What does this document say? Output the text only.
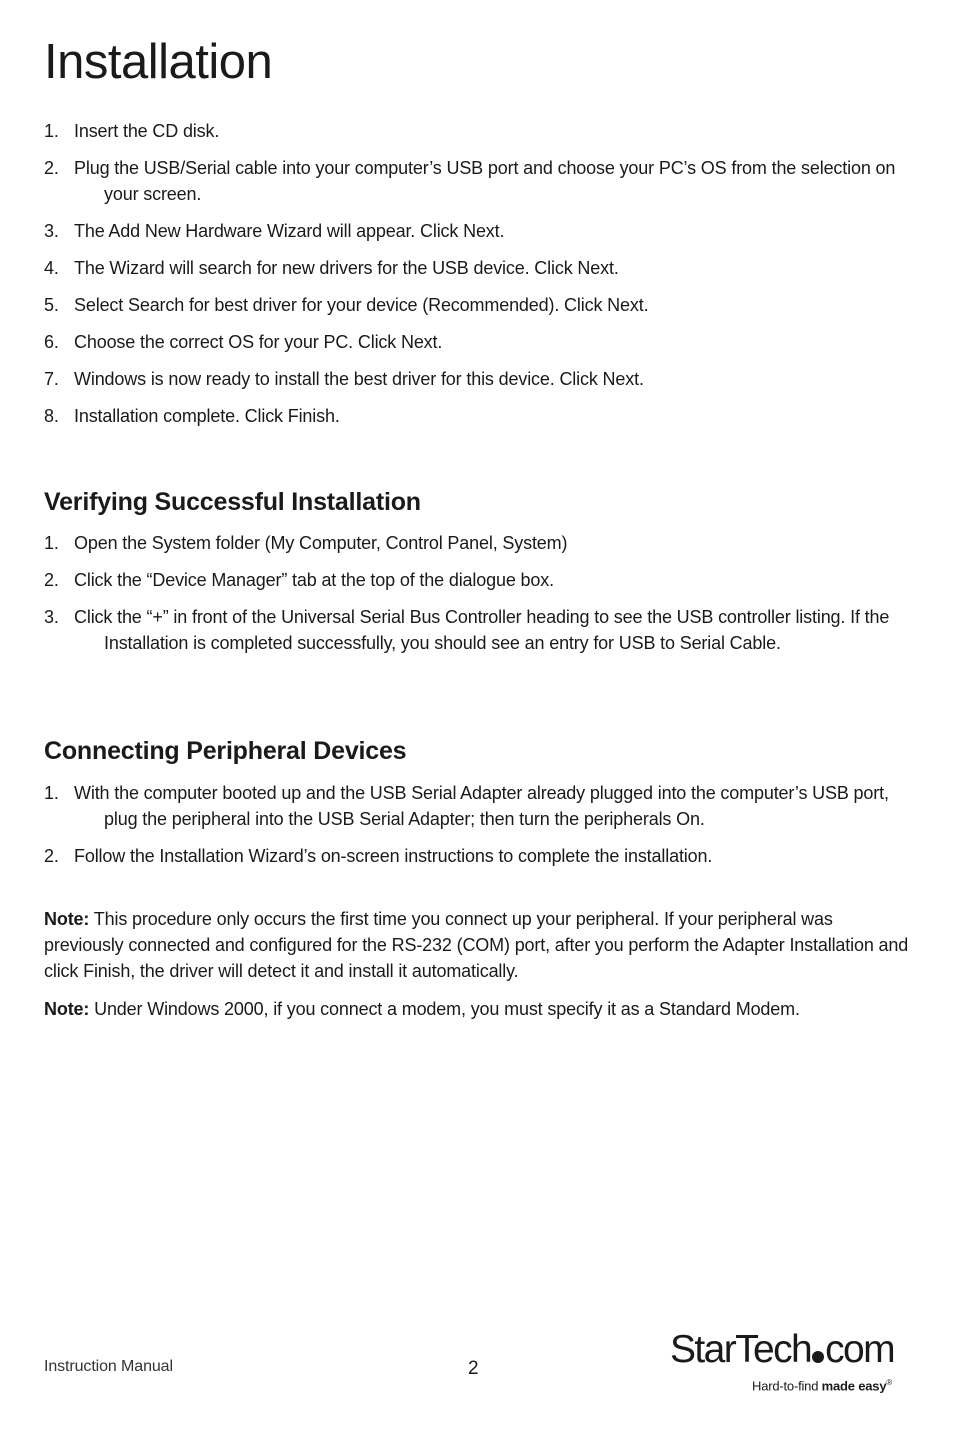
Installation
1. Insert the CD disk.
2. Plug the USB/Serial cable into your computer’s USB port and choose your PC’s OS from the selection on your screen.
3. The Add New Hardware Wizard will appear. Click Next.
4. The Wizard will search for new drivers for the USB device. Click Next.
5. Select Search for best driver for your device (Recommended). Click Next.
6. Choose the correct OS for your PC. Click Next.
7. Windows is now ready to install the best driver for this device. Click Next.
8. Installation complete. Click Finish.
Verifying Successful Installation
1. Open the System folder (My Computer, Control Panel, System)
2. Click the “Device Manager” tab at the top of the dialogue box.
3. Click the “+” in front of the Universal Serial Bus Controller heading to see the USB controller listing. If the Installation is completed successfully, you should see an entry for USB to Serial Cable.
Connecting Peripheral Devices
1. With the computer booted up and the USB Serial Adapter already plugged into the computer’s USB port, plug the peripheral into the USB Serial Adapter; then turn the peripherals On.
2. Follow the Installation Wizard’s on-screen instructions to complete the installation.

Note: This procedure only occurs the first time you connect up your peripheral. If your peripheral was previously connected and configured for the RS-232 (COM) port, after you perform the Adapter Installation and click Finish, the driver will detect it and install it automatically.

Note: Under Windows 2000, if you connect a modem, you must specify it as a Standard Modem.

Instruction Manual	2	StarTech com
Hard-to-find made easy®
